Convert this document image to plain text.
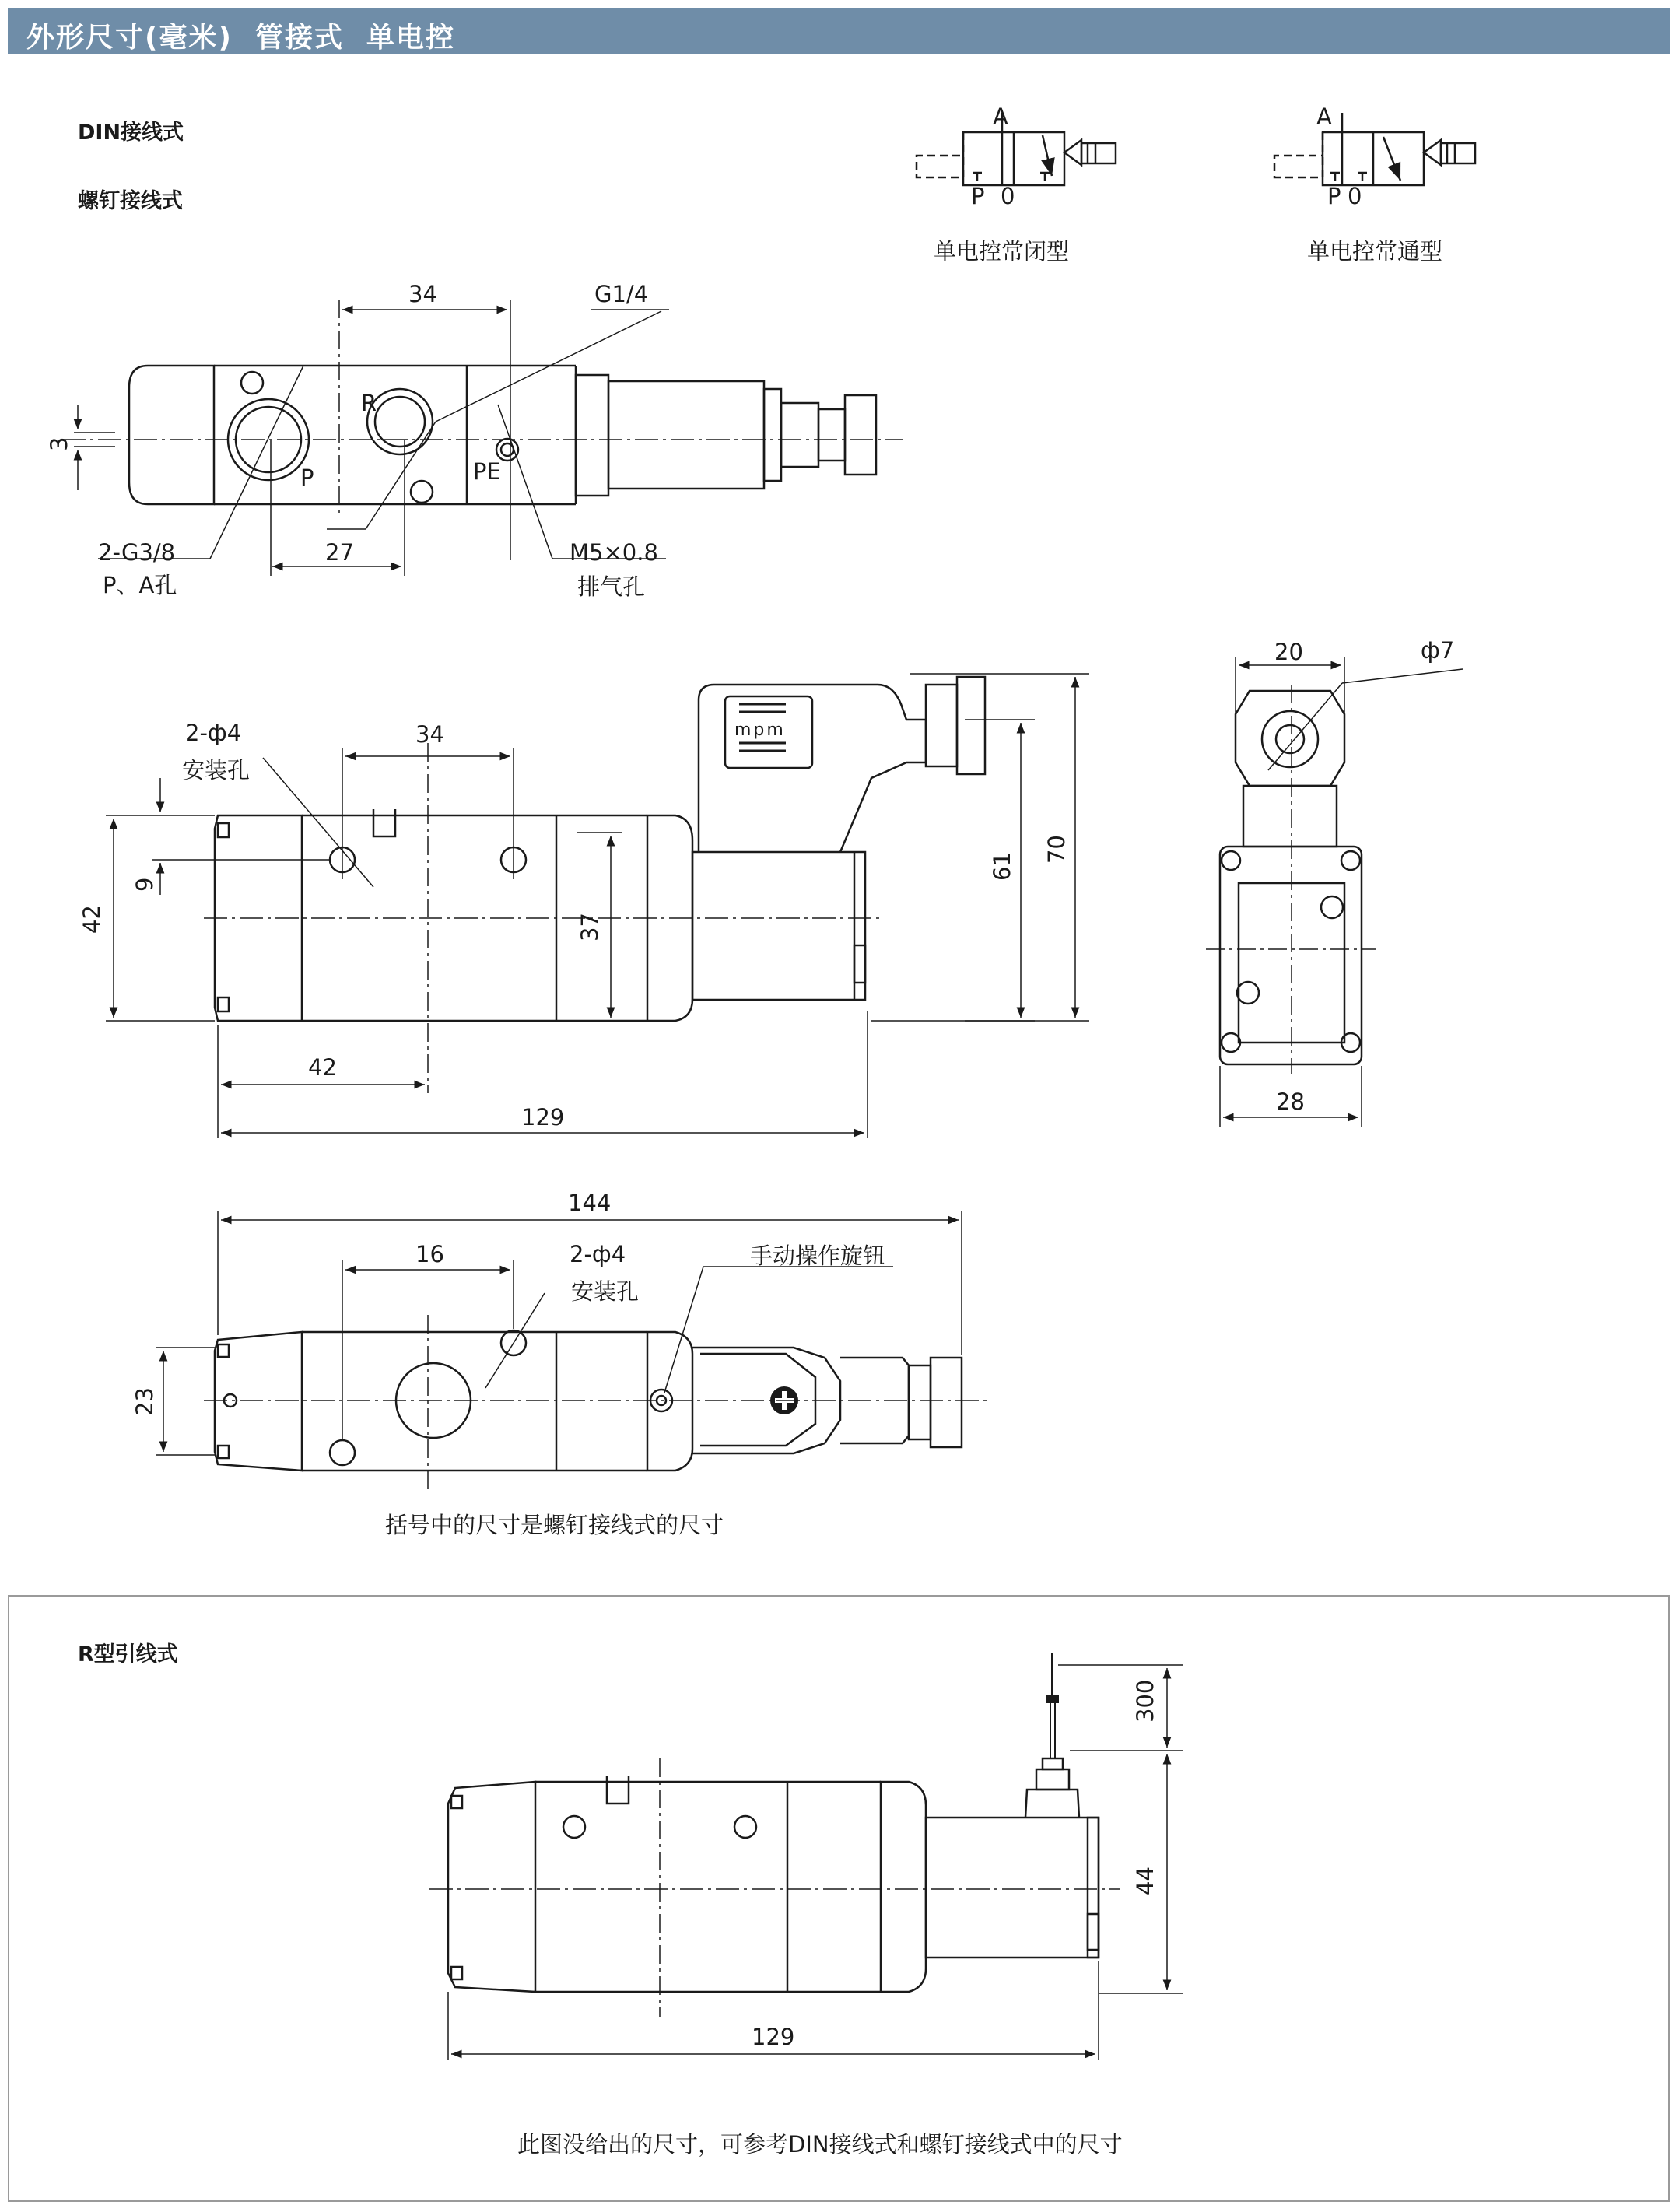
外形尺寸(毫米)  管接式  单电控
DIN接线式
螺钉接线式
R型引线式
A
P 0
单电控常闭型
A
P 0
单电控常通型
34	G1/4
3
R
P	PE
27
2-G3/8
P、A孔
M5×0.8
排气孔
mpm
2-ф4
安装孔
34
42
9
37
61
70
42
129
20	ф7
28
144
16	2-ф4
安装孔
手动操作旋钮
23
括号中的尺寸是螺钉接线式的尺寸
300
44
129
此图没给出的尺寸，可参考DIN接线式和螺钉接线式中的尺寸
